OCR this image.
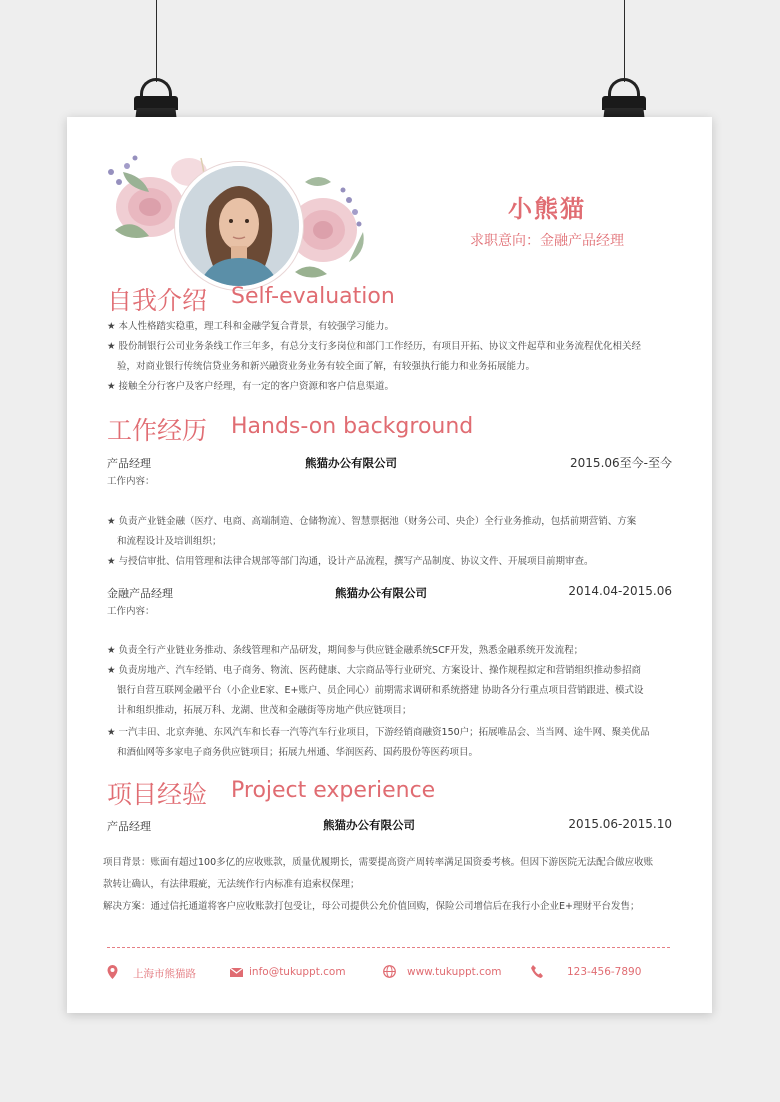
小熊猫
求职意向：金融产品经理
自我介绍 Self-evaluation
★ 本人性格踏实稳重，理工科和金融学复合背景，有较强学习能力。
★ 股份制银行公司业务条线工作三年多，有总分支行多岗位和部门工作经历，有项目开拓、协议文件起草和业务流程优化相关经
验，对商业银行传统信贷业务和新兴融资业务业务有较全面了解，有较强执行能力和业务拓展能力。
★ 接触全分行客户及客户经理，有一定的客户资源和客户信息渠道。
工作经历 Hands-on background
产品经理	熊猫办公有限公司	2015.06至今-至今
工作内容：
★ 负责产业链金融（医疗、电商、高端制造、仓储物流）、智慧票据池（财务公司、央企）全行业务推动，包括前期营销、方案
和流程设计及培训组织；
★ 与授信审批、信用管理和法律合规部等部门沟通，设计产品流程，撰写产品制度、协议文件、开展项目前期审查。
金融产品经理	熊猫办公有限公司	2014.04-2015.06
工作内容：
★ 负责全行产业链业务推动、条线管理和产品研发，期间参与供应链金融系统SCF开发，熟悉金融系统开发流程；
★ 负责房地产、汽车经销、电子商务、物流、医药健康、大宗商品等行业研究、方案设计、操作规程拟定和营销组织推动参招商
银行自营互联网金融平台（小企业E家、E+账户、员企同心）前期需求调研和系统搭建 协助各分行重点项目营销跟进、模式设
计和组织推动，拓展万科、龙湖、世茂和金融街等房地产供应链项目；
★ 一汽丰田、北京奔驰、东风汽车和长春一汽等汽车行业项目，下游经销商融资150户；拓展唯品会、当当网、途牛网、聚美优品
和酒仙网等多家电子商务供应链项目；拓展九州通、华润医药、国药股份等医药项目。
项目经验 Project experience
产品经理	熊猫办公有限公司	2015.06-2015.10
项目背景：账面有超过100多亿的应收账款，质量优履期长，需要提高资产周转率满足国资委考核。但因下游医院无法配合做应收账
款转让确认，有法律瑕疵，无法统作行内标准有追索权保理；
解决方案：通过信托通道将客户应收账款打包受让，母公司提供公允价值回购，保险公司增信后在我行小企业E+理财平台发售；
上海市熊猫路	info@tukuppt.com	www.tukuppt.com	123-456-7890
